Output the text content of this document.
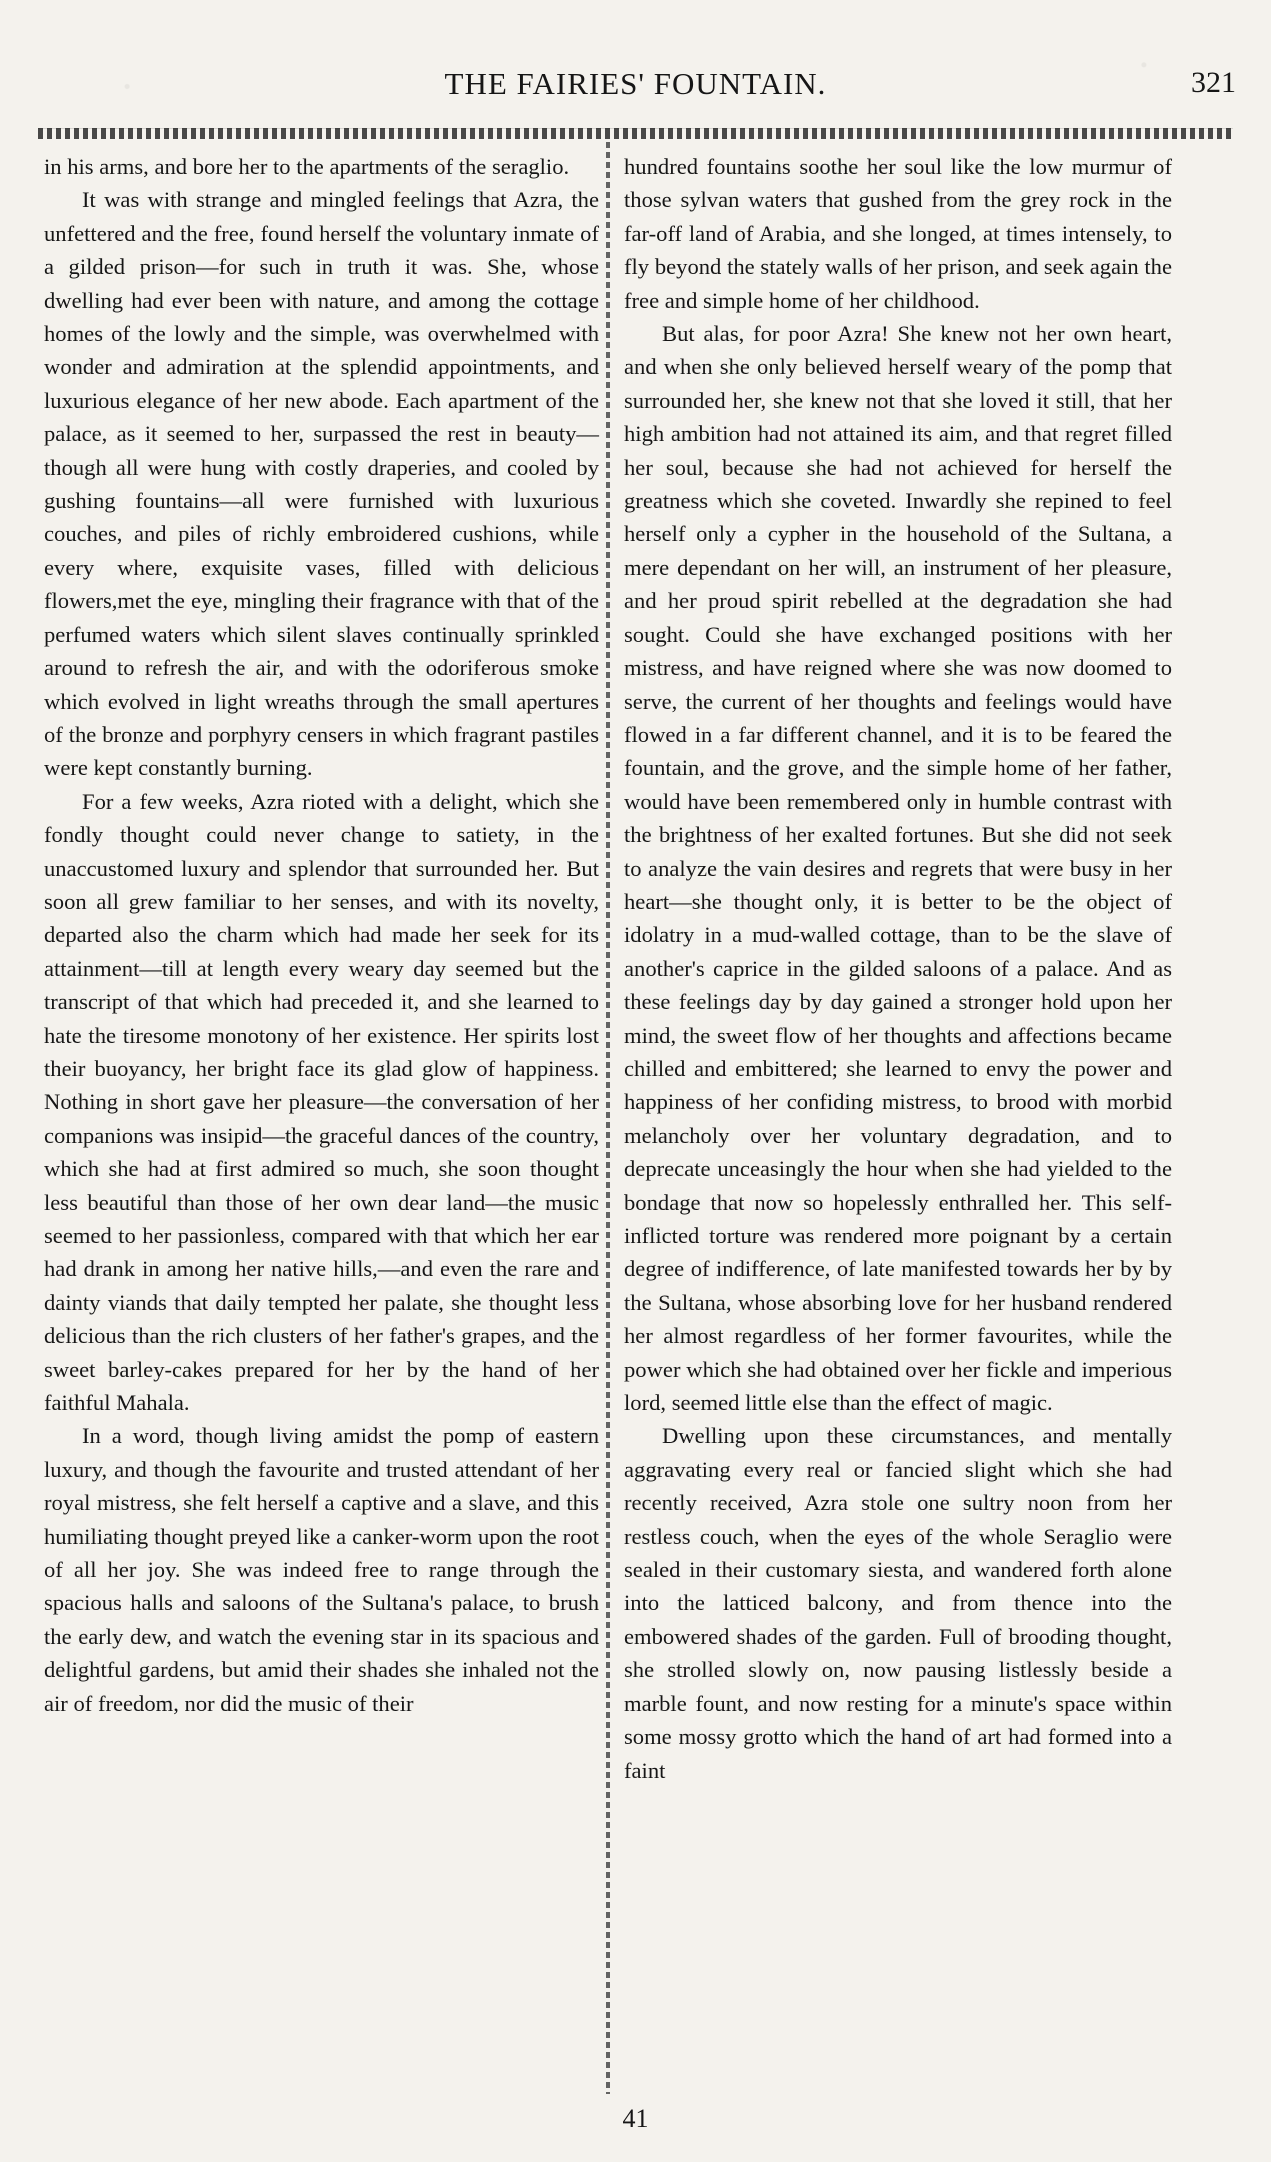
THE FAIRIES' FOUNTAIN.	321

in his arms, and bore her to the apartments of the seraglio.

It was with strange and mingled feelings that Azra, the unfettered and the free, found herself the voluntary inmate of a gilded prison—for such in truth it was. She, whose dwelling had ever been with nature, and among the cottage homes of the lowly and the simple, was overwhelmed with wonder and admiration at the splendid appointments, and luxurious elegance of her new abode. Each apartment of the palace, as it seemed to her, surpassed the rest in beauty—though all were hung with costly draperies, and cooled by gushing fountains—all were furnished with luxurious couches, and piles of richly embroidered cushions, while every where, exquisite vases, filled with delicious flowers,met the eye, mingling their fragrance with that of the perfumed waters which silent slaves continually sprinkled around to refresh the air, and with the odoriferous smoke which evolved in light wreaths through the small apertures of the bronze and porphyry censers in which fragrant pastiles were kept constantly burning.

For a few weeks, Azra rioted with a delight, which she fondly thought could never change to satiety, in the unaccustomed luxury and splendor that surrounded her. But soon all grew familiar to her senses, and with its novelty, departed also the charm which had made her seek for its attainment—till at length every weary day seemed but the transcript of that which had preceded it, and she learned to hate the tiresome monotony of her existence. Her spirits lost their buoyancy, her bright face its glad glow of happiness. Nothing in short gave her pleasure—the conversation of her companions was insipid—the graceful dances of the country, which she had at first admired so much, she soon thought less beautiful than those of her own dear land—the music seemed to her passionless, compared with that which her ear had drank in among her native hills,—and even the rare and dainty viands that daily tempted her palate, she thought less delicious than the rich clusters of her father's grapes, and the sweet barley-cakes prepared for her by the hand of her faithful Mahala.

In a word, though living amidst the pomp of eastern luxury, and though the favourite and trusted attendant of her royal mistress, she felt herself a captive and a slave, and this humiliating thought preyed like a canker-worm upon the root of all her joy. She was indeed free to range through the spacious halls and saloons of the Sultana's palace, to brush the early dew, and watch the evening star in its spacious and delightful gardens, but amid their shades she inhaled not the air of freedom, nor did the music of their

hundred fountains soothe her soul like the low murmur of those sylvan waters that gushed from the grey rock in the far-off land of Arabia, and she longed, at times intensely, to fly beyond the stately walls of her prison, and seek again the free and simple home of her childhood.

But alas, for poor Azra! She knew not her own heart, and when she only believed herself weary of the pomp that surrounded her, she knew not that she loved it still, that her high ambition had not attained its aim, and that regret filled her soul, because she had not achieved for herself the greatness which she coveted. Inwardly she repined to feel herself only a cypher in the household of the Sultana, a mere dependant on her will, an instrument of her pleasure, and her proud spirit rebelled at the degradation she had sought. Could she have exchanged positions with her mistress, and have reigned where she was now doomed to serve, the current of her thoughts and feelings would have flowed in a far different channel, and it is to be feared the fountain, and the grove, and the simple home of her father, would have been remembered only in humble contrast with the brightness of her exalted fortunes. But she did not seek to analyze the vain desires and regrets that were busy in her heart—she thought only, it is better to be the object of idolatry in a mud-walled cottage, than to be the slave of another's caprice in the gilded saloons of a palace. And as these feelings day by day gained a stronger hold upon her mind, the sweet flow of her thoughts and affections became chilled and embittered; she learned to envy the power and happiness of her confiding mistress, to brood with morbid melancholy over her voluntary degradation, and to deprecate unceasingly the hour when she had yielded to the bondage that now so hopelessly enthralled her. This self-inflicted torture was rendered more poignant by a certain degree of indifference, of late manifested towards her by by the Sultana, whose absorbing love for her husband rendered her almost regardless of her former favourites, while the power which she had obtained over her fickle and imperious lord, seemed little else than the effect of magic.

Dwelling upon these circumstances, and mentally aggravating every real or fancied slight which she had recently received, Azra stole one sultry noon from her restless couch, when the eyes of the whole Seraglio were sealed in their customary siesta, and wandered forth alone into the latticed balcony, and from thence into the embowered shades of the garden. Full of brooding thought, she strolled slowly on, now pausing listlessly beside a marble fount, and now resting for a minute's space within some mossy grotto which the hand of art had formed into a faint

41
